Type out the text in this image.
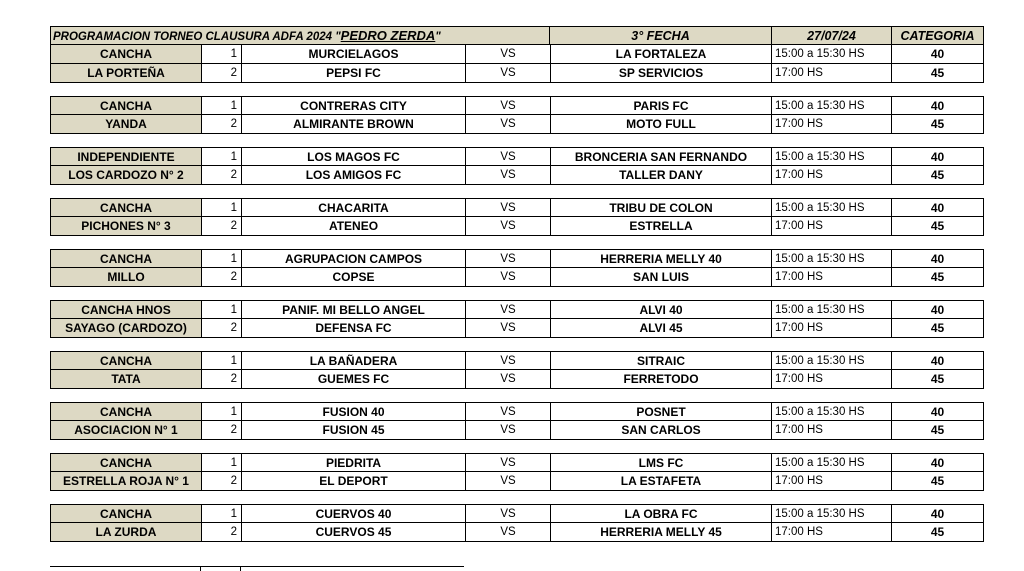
PROGRAMACION TORNEO CLAUSURA ADFA 2024 "PEDRO ZERDA"	3° FECHA	27/07/24	CATEGORIA
CANCHA	1	MURCIELAGOS	VS	LA FORTALEZA	15:00 a 15:30 HS	40
LA PORTEÑA	2	PEPSI FC	VS	SP SERVICIOS	17:00 HS	45
CANCHA	1	CONTRERAS CITY	VS	PARIS FC	15:00 a 15:30 HS	40
YANDA	2	ALMIRANTE BROWN	VS	MOTO FULL	17:00 HS	45
INDEPENDIENTE	1	LOS MAGOS FC	VS	BRONCERIA SAN FERNANDO	15:00 a 15:30 HS	40
LOS CARDOZO N° 2	2	LOS AMIGOS FC	VS	TALLER DANY	17:00 HS	45
CANCHA	1	CHACARITA	VS	TRIBU DE COLON	15:00 a 15:30 HS	40
PICHONES N° 3	2	ATENEO	VS	ESTRELLA	17:00 HS	45
CANCHA	1	AGRUPACION CAMPOS	VS	HERRERIA MELLY 40	15:00 a 15:30 HS	40
MILLO	2	COPSE	VS	SAN LUIS	17:00 HS	45
CANCHA HNOS	1	PANIF. MI BELLO ANGEL	VS	ALVI 40	15:00 a 15:30 HS	40
SAYAGO (CARDOZO)	2	DEFENSA FC	VS	ALVI 45	17:00 HS	45
CANCHA	1	LA BAÑADERA	VS	SITRAIC	15:00 a 15:30 HS	40
TATA	2	GUEMES FC	VS	FERRETODO	17:00 HS	45
CANCHA	1	FUSION 40	VS	POSNET	15:00 a 15:30 HS	40
ASOCIACION N° 1	2	FUSION 45	VS	SAN CARLOS	17:00 HS	45
CANCHA	1	PIEDRITA	VS	LMS FC	15:00 a 15:30 HS	40
ESTRELLA ROJA N° 1	2	EL DEPORT	VS	LA ESTAFETA	17:00 HS	45
CANCHA	1	CUERVOS 40	VS	LA OBRA FC	15:00 a 15:30 HS	40
LA ZURDA	2	CUERVOS 45	VS	HERRERIA MELLY 45	17:00 HS	45
